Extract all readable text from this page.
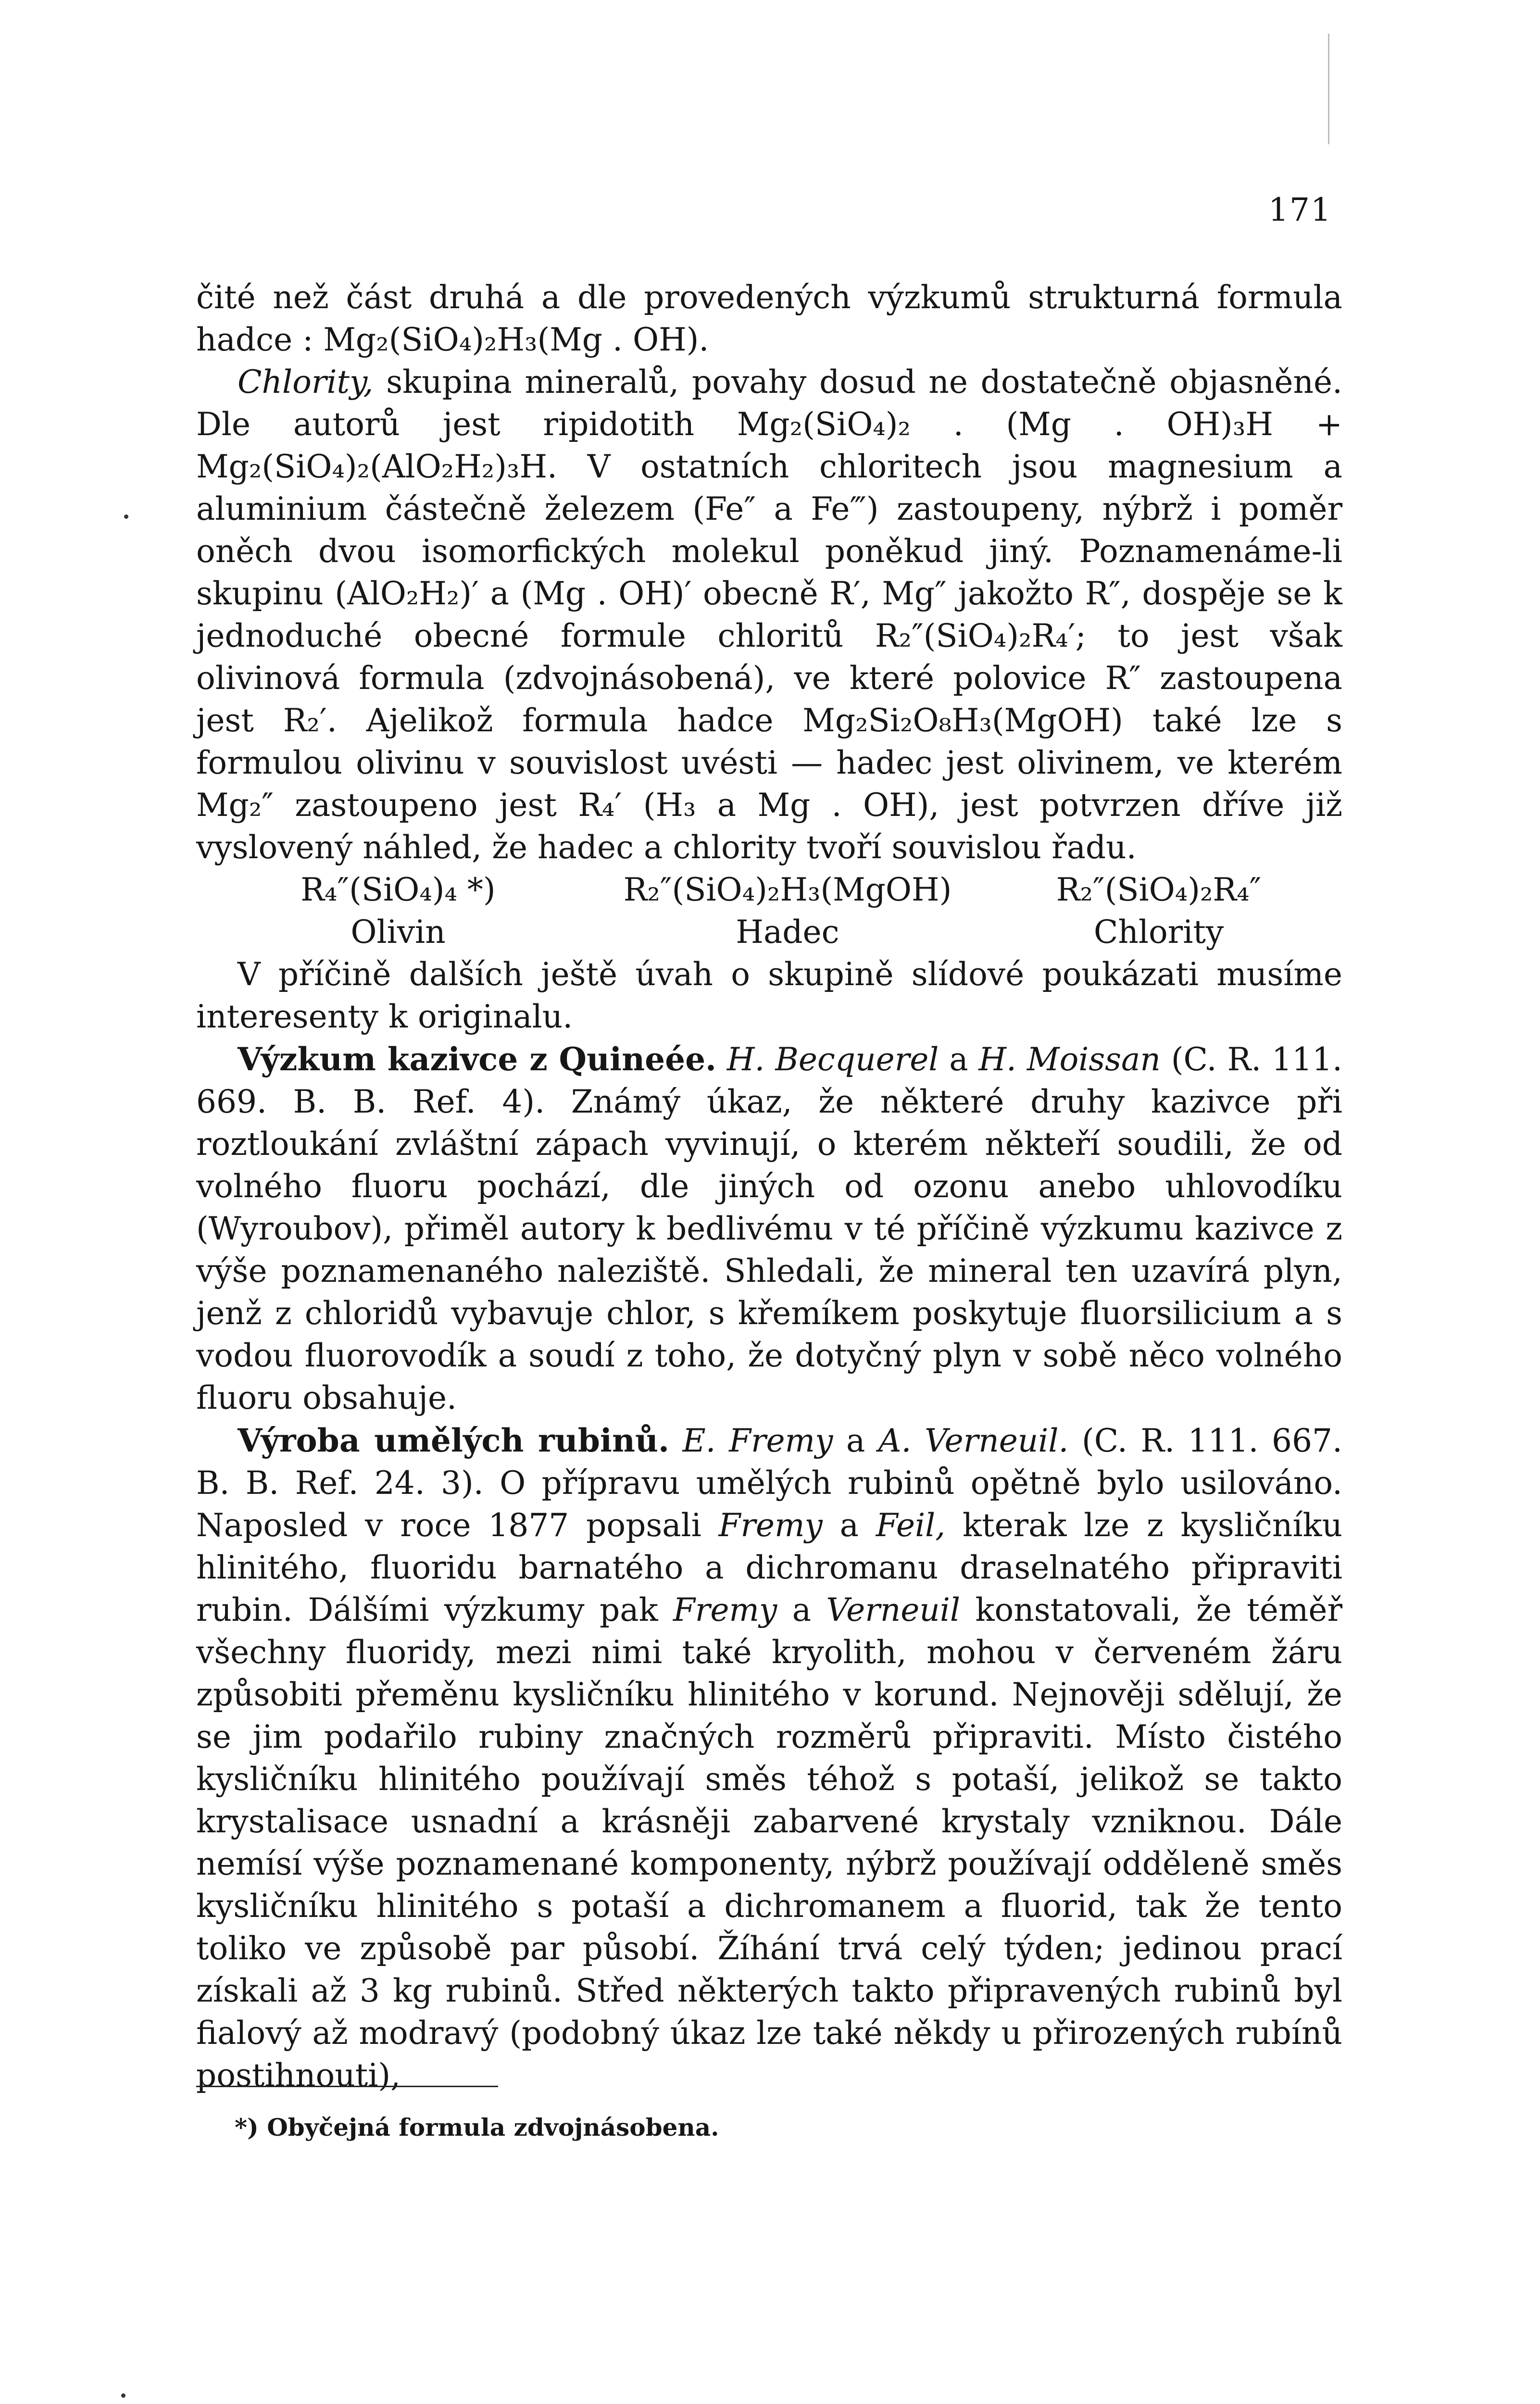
171
čité než část druhá a dle provedených výzkumů strukturná formula hadce : Mg₂(SiO₄)₂H₃(Mg . OH).
Chlority, skupina mineralů, povahy dosud ne dostatečně objasněné. Dle autorů jest ripidotith Mg₂(SiO₄)₂ . (Mg . OH)₃H + Mg₂(SiO₄)₂(AlO₂H₂)₃H. V ostatních chloritech jsou magnesium a aluminium částečně železem (Fe″ a Fe‴) zastoupeny, nýbrž i poměr oněch dvou isomorfických molekul poněkud jiný. Poznamenáme-li skupinu (AlO₂H₂)′ a (Mg . OH)′ obecně R′, Mg″ jakožto R″, dospěje se k jednoduché obecné formule chloritů R₂″(SiO₄)₂R₄′; to jest však olivinová formula (zdvojnásobená), ve které polovice R″ zastoupena jest R₂′. Ajelikož formula hadce Mg₂Si₂O₈H₃(MgOH) také lze s formulou olivinu v souvislost uvésti — hadec jest olivinem, ve kterém Mg₂″ zastoupeno jest R₄′ (H₃ a Mg . OH), jest potvrzen dříve již vyslovený náhled, že hadec a chlority tvoří souvislou řadu.
R₄″(SiO₄)₄ *)	R₂″(SiO₄)₂H₃(MgOH)	R₂″(SiO₄)₂R₄″
Olivin	Hadec	Chlority
V příčině dalších ještě úvah o skupině slídové poukázati musíme interesenty k originalu.
Výzkum kazivce z Quineée. H. Becquerel a H. Moissan (C. R. 111. 669. B. B. Ref. 4). Známý úkaz, že některé druhy kazivce při roztloukání zvláštní zápach vyvinují, o kterém někteří soudili, že od volného fluoru pochází, dle jiných od ozonu anebo uhlovodíku (Wyroubov), přiměl autory k bedlivému v té příčině výzkumu kazivce z výše poznamenaného naleziště. Shledali, že mineral ten uzavírá plyn, jenž z chloridů vybavuje chlor, s křemíkem poskytuje fluorsilicium a s vodou fluorovodík a soudí z toho, že dotyčný plyn v sobě něco volného fluoru obsahuje.
Výroba umělých rubinů. E. Fremy a A. Verneuil. (C. R. 111. 667. B. B. Ref. 24. 3). O přípravu umělých rubinů opětně bylo usilováno. Naposled v roce 1877 popsali Fremy a Feil, kterak lze z kysličníku hlinitého, fluoridu barnatého a dichromanu draselnatého připraviti rubin. Dálšími výzkumy pak Fremy a Verneuil konstatovali, že téměř všechny fluoridy, mezi nimi také kryolith, mohou v červeném žáru způsobiti přeměnu kysličníku hlinitého v korund. Nejnověji sdělují, že se jim podařilo rubiny značných rozměrů připraviti. Místo čistého kysličníku hlinitého používají směs téhož s potaší, jelikož se takto krystalisace usnadní a krásněji zabarvené krystaly vzniknou. Dále nemísí výše poznamenané komponenty, nýbrž používají odděleně směs kysličníku hlinitého s potaší a dichromanem a fluorid, tak že tento toliko ve způsobě par působí. Žíhání trvá celý týden; jedinou prací získali až 3 kg rubinů. Střed některých takto připravených rubinů byl fialový až modravý (podobný úkaz lze také někdy u přirozených rubínů postihnouti),
*) Obyčejná formula zdvojnásobena.
